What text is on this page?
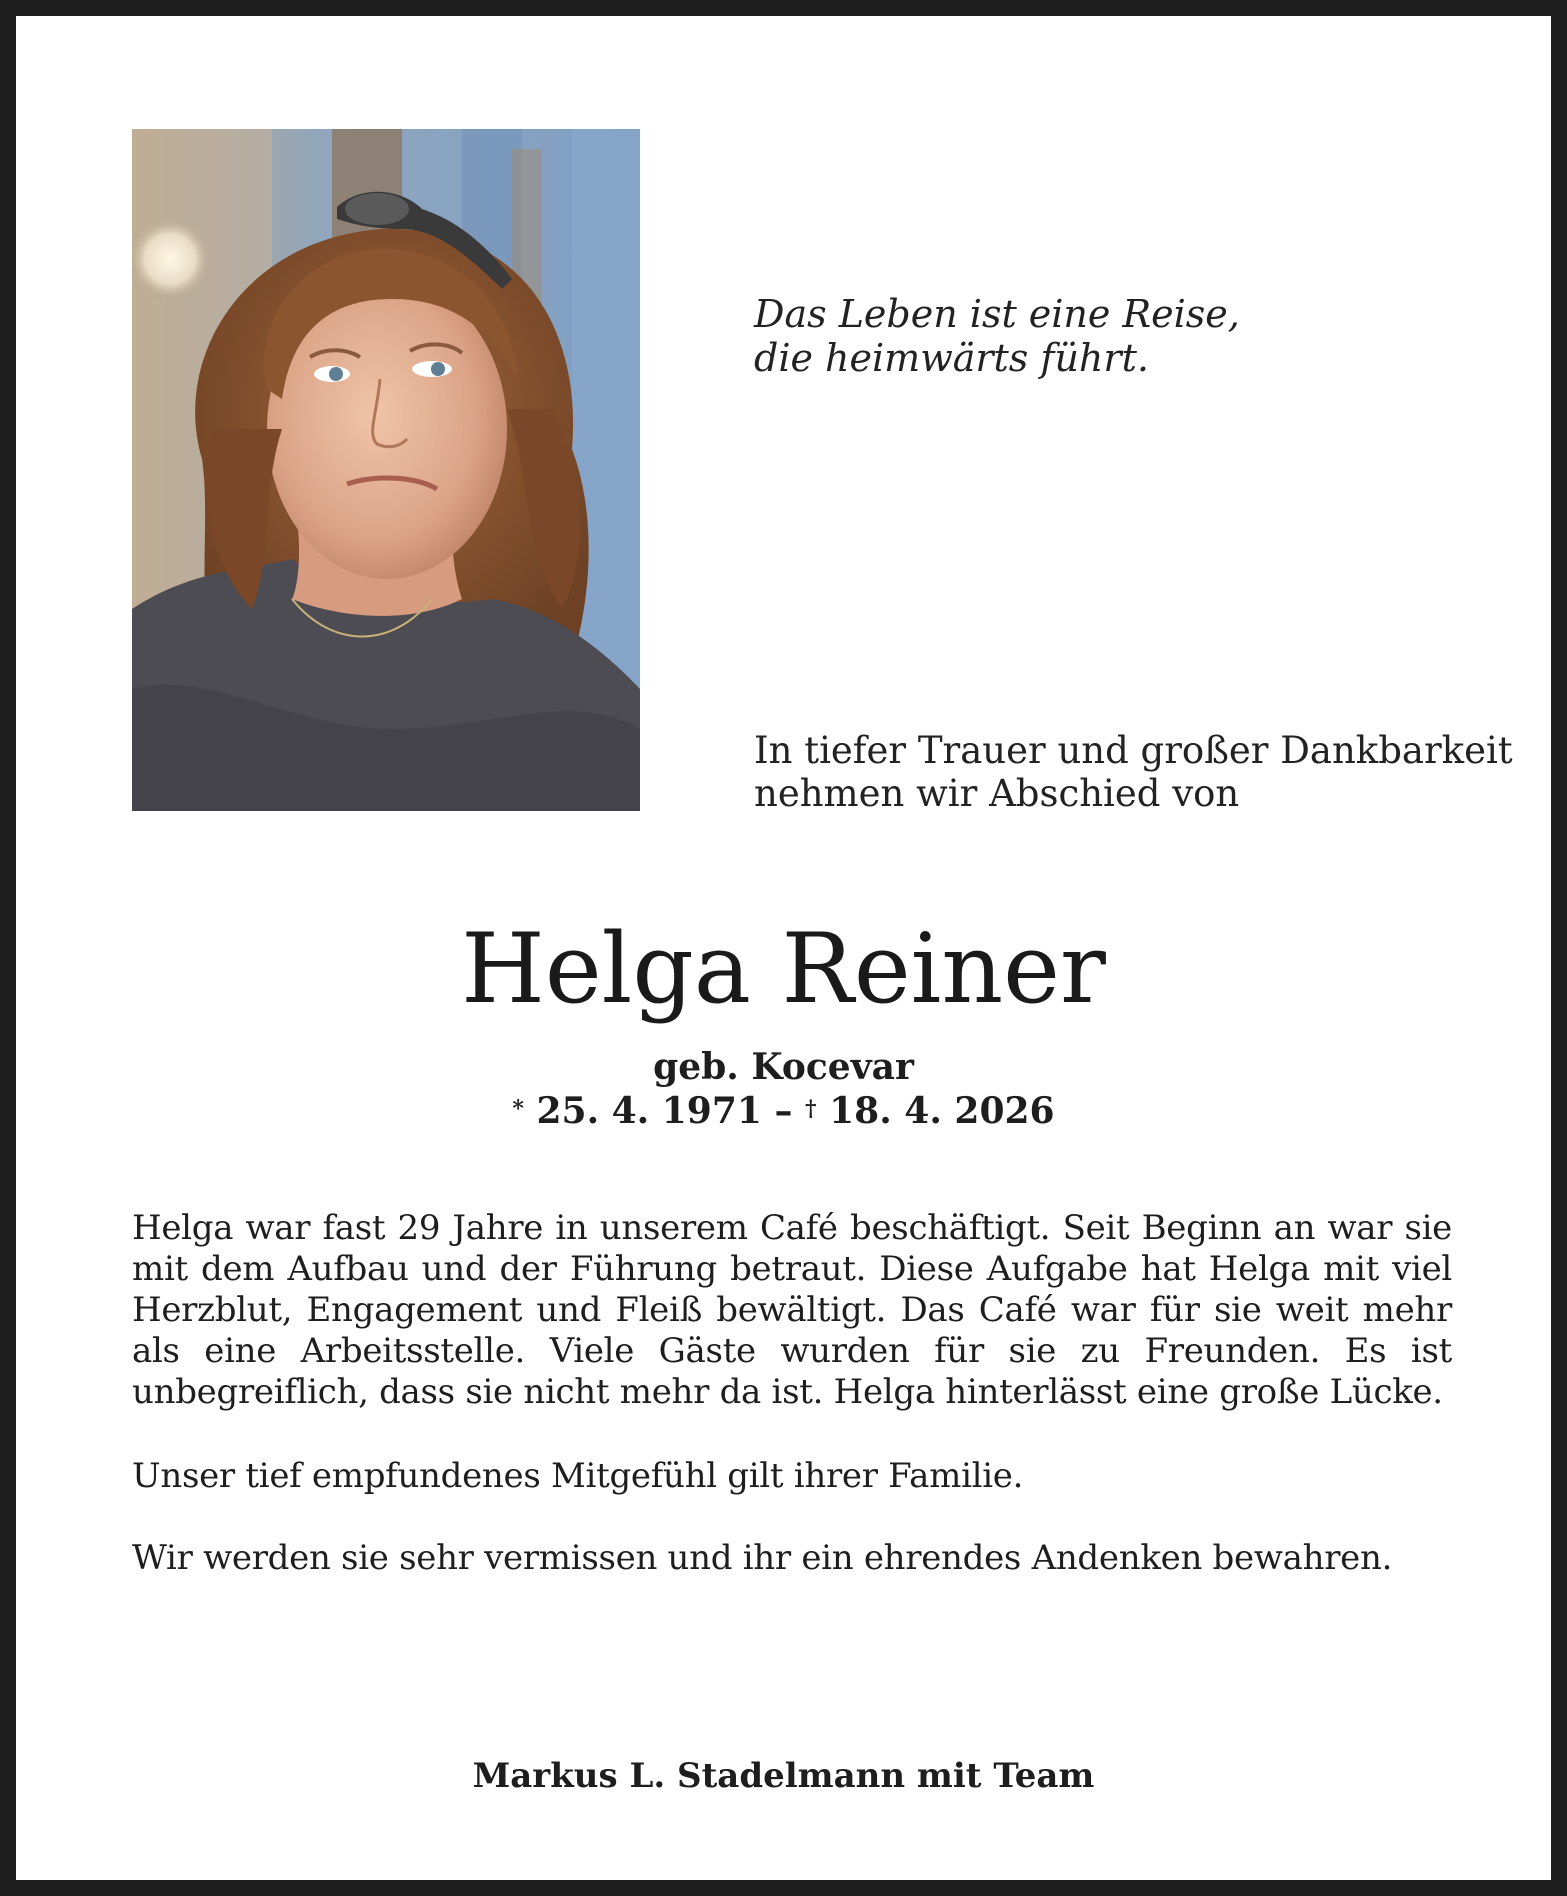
Das Leben ist eine Reise,
die heimwärts führt.

In tiefer Trauer und großer Dankbarkeit
nehmen wir Abschied von

Helga Reiner

geb. Kocevar

* 25. 4. 1971 – † 18. 4. 2026

Helga war fast 29 Jahre in unserem Café beschäftigt. Seit Beginn an war sie mit dem Aufbau und der Führung betraut. Diese Aufgabe hat Helga mit viel Herzblut, Engagement und Fleiß bewältigt. Das Café war für sie weit mehr als eine Arbeitsstelle. Viele Gäste wurden für sie zu Freunden. Es ist unbegreiflich, dass sie nicht mehr da ist. Helga hinterlässt eine große Lücke.

Unser tief empfundenes Mitgefühl gilt ihrer Familie.

Wir werden sie sehr vermissen und ihr ein ehrendes Andenken bewahren.

Markus L. Stadelmann mit Team
